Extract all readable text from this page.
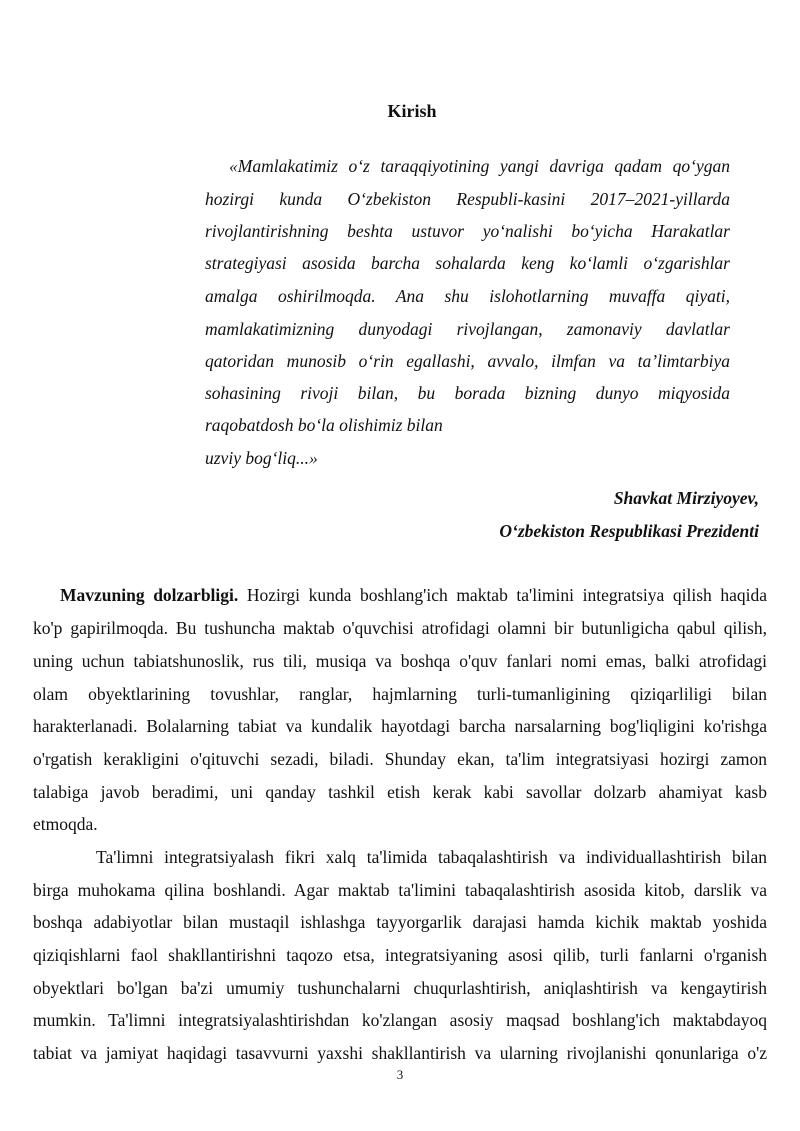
Kirish
«Mamlakatimiz o‘z taraqqiyotining yangi davriga qadam qo‘ygan
hozirgi kunda O‘zbekiston Respubli-kasini 2017–2021-yillarda
rivojlantirishning beshta ustuvor yo‘nalishi bo‘yicha Harakatlar
strategiyasi asosida barcha sohalarda keng ko‘lamli o‘zgarishlar
amalga oshirilmoqda. Ana shu islohotlarning muvaffa qiyati,
mamlakatimizning dunyodagi rivojlangan, zamonaviy davlatlar
qatoridan munosib o‘rin egallashi, avvalo, ilmfan va ta’limtarbiya
sohasining rivoji bilan, bu borada bizning dunyo miqyosida
raqobatdosh bo‘la olishimiz bilan
uzviy bog‘liq...»
Shavkat Mirziyoyev,
O‘zbekiston Respublikasi Prezidenti
Mavzuning dolzarbligi. Hozirgi kunda boshlang'ich maktab ta'limini integratsiya qilish haqida
ko'p gapirilmoqda. Bu tushuncha maktab o'quvchisi atrofidagi olamni bir butunligicha qabul qilish,
uning uchun tabiatshunoslik, rus tili, musiqa va boshqa o'quv fanlari nomi emas, balki atrofidagi
olam obyektlarining tovushlar, ranglar, hajmlarning turli-tumanligining qiziqarliligi bilan
harakterlanadi. Bolalarning tabiat va kundalik hayotdagi barcha narsalarning bog'liqligini ko'rishga
o'rgatish kerakligini o'qituvchi sezadi, biladi. Shunday ekan, ta'lim integratsiyasi hozirgi zamon
talabiga javob beradimi, uni qanday tashkil etish kerak kabi savollar dolzarb ahamiyat kasb
etmoqda.
Ta'limni integratsiyalash fikri xalq ta'limida tabaqalashtirish va individuallashtirish bilan
birga muhokama qilina boshlandi. Agar maktab ta'limini tabaqalashtirish asosida kitob, darslik va
boshqa adabiyotlar bilan mustaqil ishlashga tayyorgarlik darajasi hamda kichik maktab yoshida
qiziqishlarni faol shakllantirishni taqozo etsa, integratsiyaning asosi qilib, turli fanlarni o'rganish
obyektlari bo'lgan ba'zi umumiy tushunchalarni chuqurlashtirish, aniqlashtirish va kengaytirish
mumkin. Ta'limni integratsiyalashtirishdan ko'zlangan asosiy maqsad boshlang'ich maktabdayoq
tabiat va jamiyat haqidagi tasavvurni yaxshi shakllantirish va ularning rivojlanishi qonunlariga o'z
3
